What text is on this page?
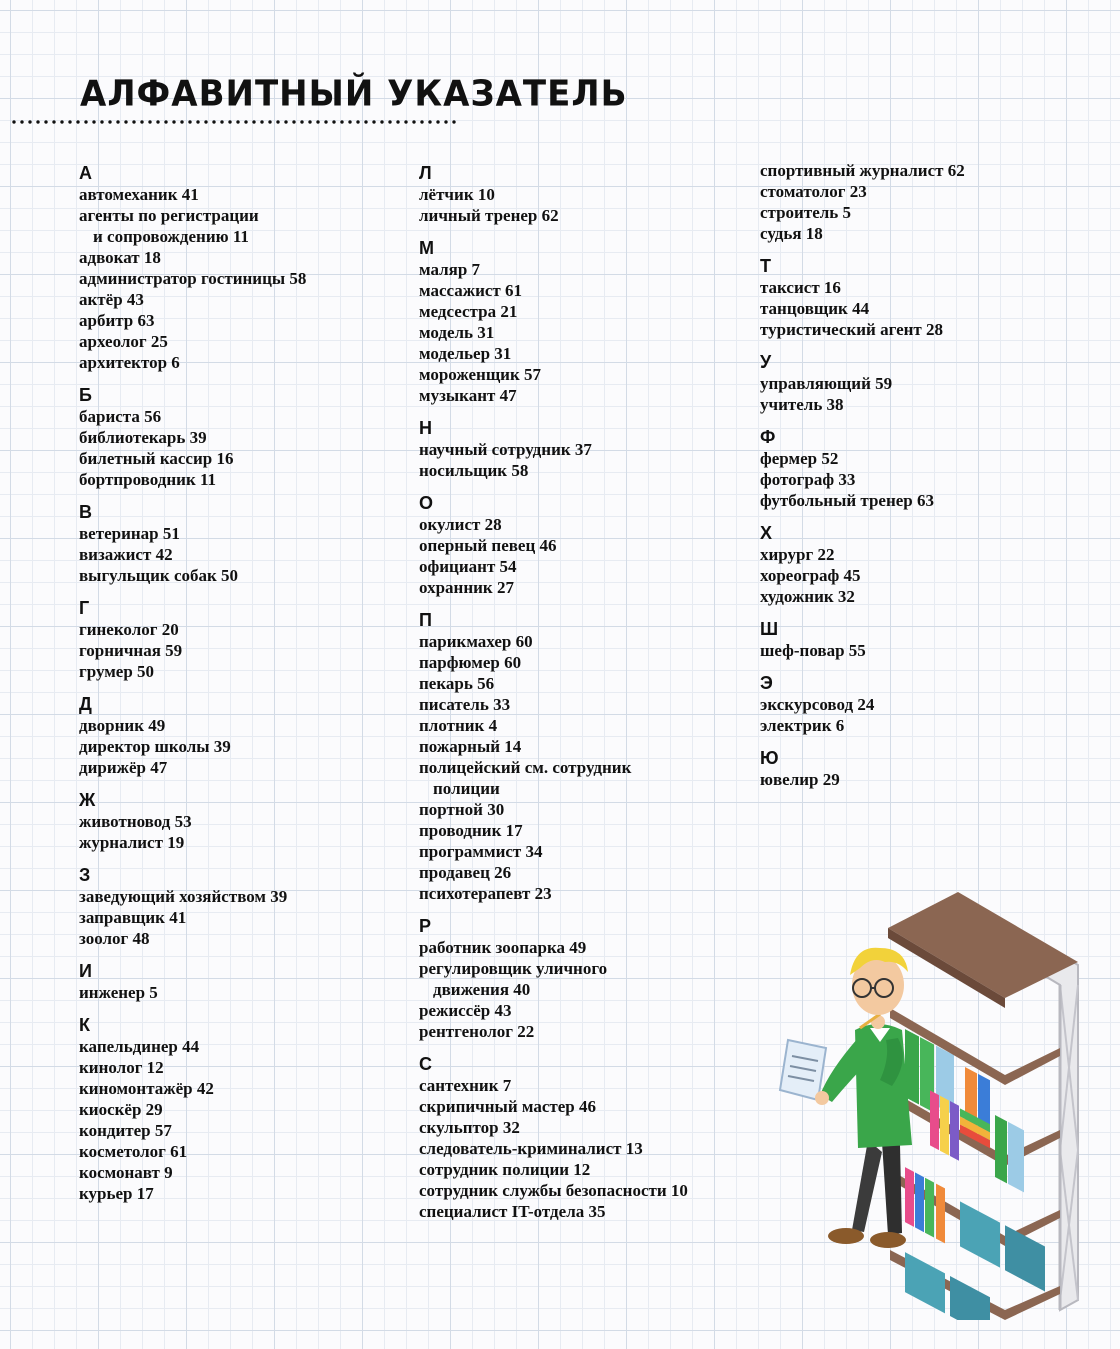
АЛФАВИТНЫЙ УКАЗАТЕЛЬ
А
автомеханик 41
агенты по регистрации
и сопровождению 11
адвокат 18
администратор гостиницы 58
актёр 43
арбитр 63
археолог 25
архитектор 6
Б
бариста 56
библиотекарь 39
билетный кассир 16
бортпроводник 11
В
ветеринар 51
визажист 42
выгульщик собак 50
Г
гинеколог 20
горничная 59
грумер 50
Д
дворник 49
директор школы 39
дирижёр 47
Ж
животновод 53
журналист 19
З
заведующий хозяйством 39
заправщик 41
зоолог 48
И
инженер 5
К
капельдинер 44
кинолог 12
киномонтажёр 42
киоскёр 29
кондитер 57
косметолог 61
космонавт 9
курьер 17
Л
лётчик 10
личный тренер 62
М
маляр 7
массажист 61
медсестра 21
модель 31
модельер 31
мороженщик 57
музыкант 47
Н
научный сотрудник 37
носильщик 58
О
окулист 28
оперный певец 46
официант 54
охранник 27
П
парикмахер 60
парфюмер 60
пекарь 56
писатель 33
плотник 4
пожарный 14
полицейский см. сотрудник
полиции
портной 30
проводник 17
программист 34
продавец 26
психотерапевт 23
Р
работник зоопарка 49
регулировщик уличного
движения 40
режиссёр 43
рентгенолог 22
С
сантехник 7
скрипичный мастер 46
скульптор 32
следователь-криминалист 13
сотрудник полиции 12
сотрудник службы безопасности 10
специалист IT-отдела 35
спортивный журналист 62
стоматолог 23
строитель 5
судья 18
Т
таксист 16
танцовщик 44
туристический агент 28
У
управляющий 59
учитель 38
Ф
фермер 52
фотограф 33
футбольный тренер 63
Х
хирург 22
хореограф 45
художник 32
Ш
шеф-повар 55
Э
экскурсовод 24
электрик 6
Ю
ювелир 29
